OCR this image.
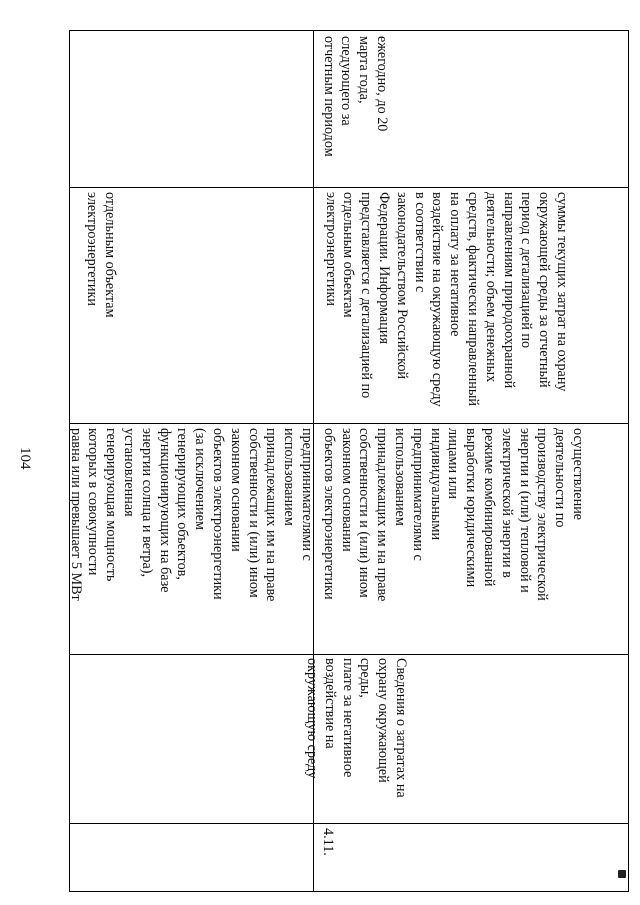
104	предпринимателями с
использованием
принадлежащих им на праве
собственности и (или) ином
законном основании
объектов электроэнергетики
(за исключением
генерирующих объектов,
функционирующих на базе
энергии солнца и ветра),
установленная
генерирующая мощность
которых в совокупности
равна или превышает 5 МВт
отдельным объектам
электроэнергетики
4.11.
Сведения о затратах на
охрану окружающей среды,
плате за негативное
воздействие на
окружающую среду
осуществление
деятельности по
производству электрической
энергии и (или) тепловой и
электрической энергии в
режиме комбинированной
выработки юридическими
лицами или
индивидуальными
предпринимателями с
использованием
принадлежащих им на праве
собственности и (или) ином
законном основании
объектов электроэнергетики
суммы текущих затрат на охрану
окружающей среды за отчетный
период с детализацией по
направлениям природоохранной
деятельности; объем денежных
средств, фактически направленный
на оплату за негативное
воздействие на окружающую среду
в соответствии с
законодательством Российской
Федерации. Информация
представляется с детализацией по
отдельным объектам
электроэнергетики
ежегодно, до 20
марта года,
следующего за
отчетным периодом
